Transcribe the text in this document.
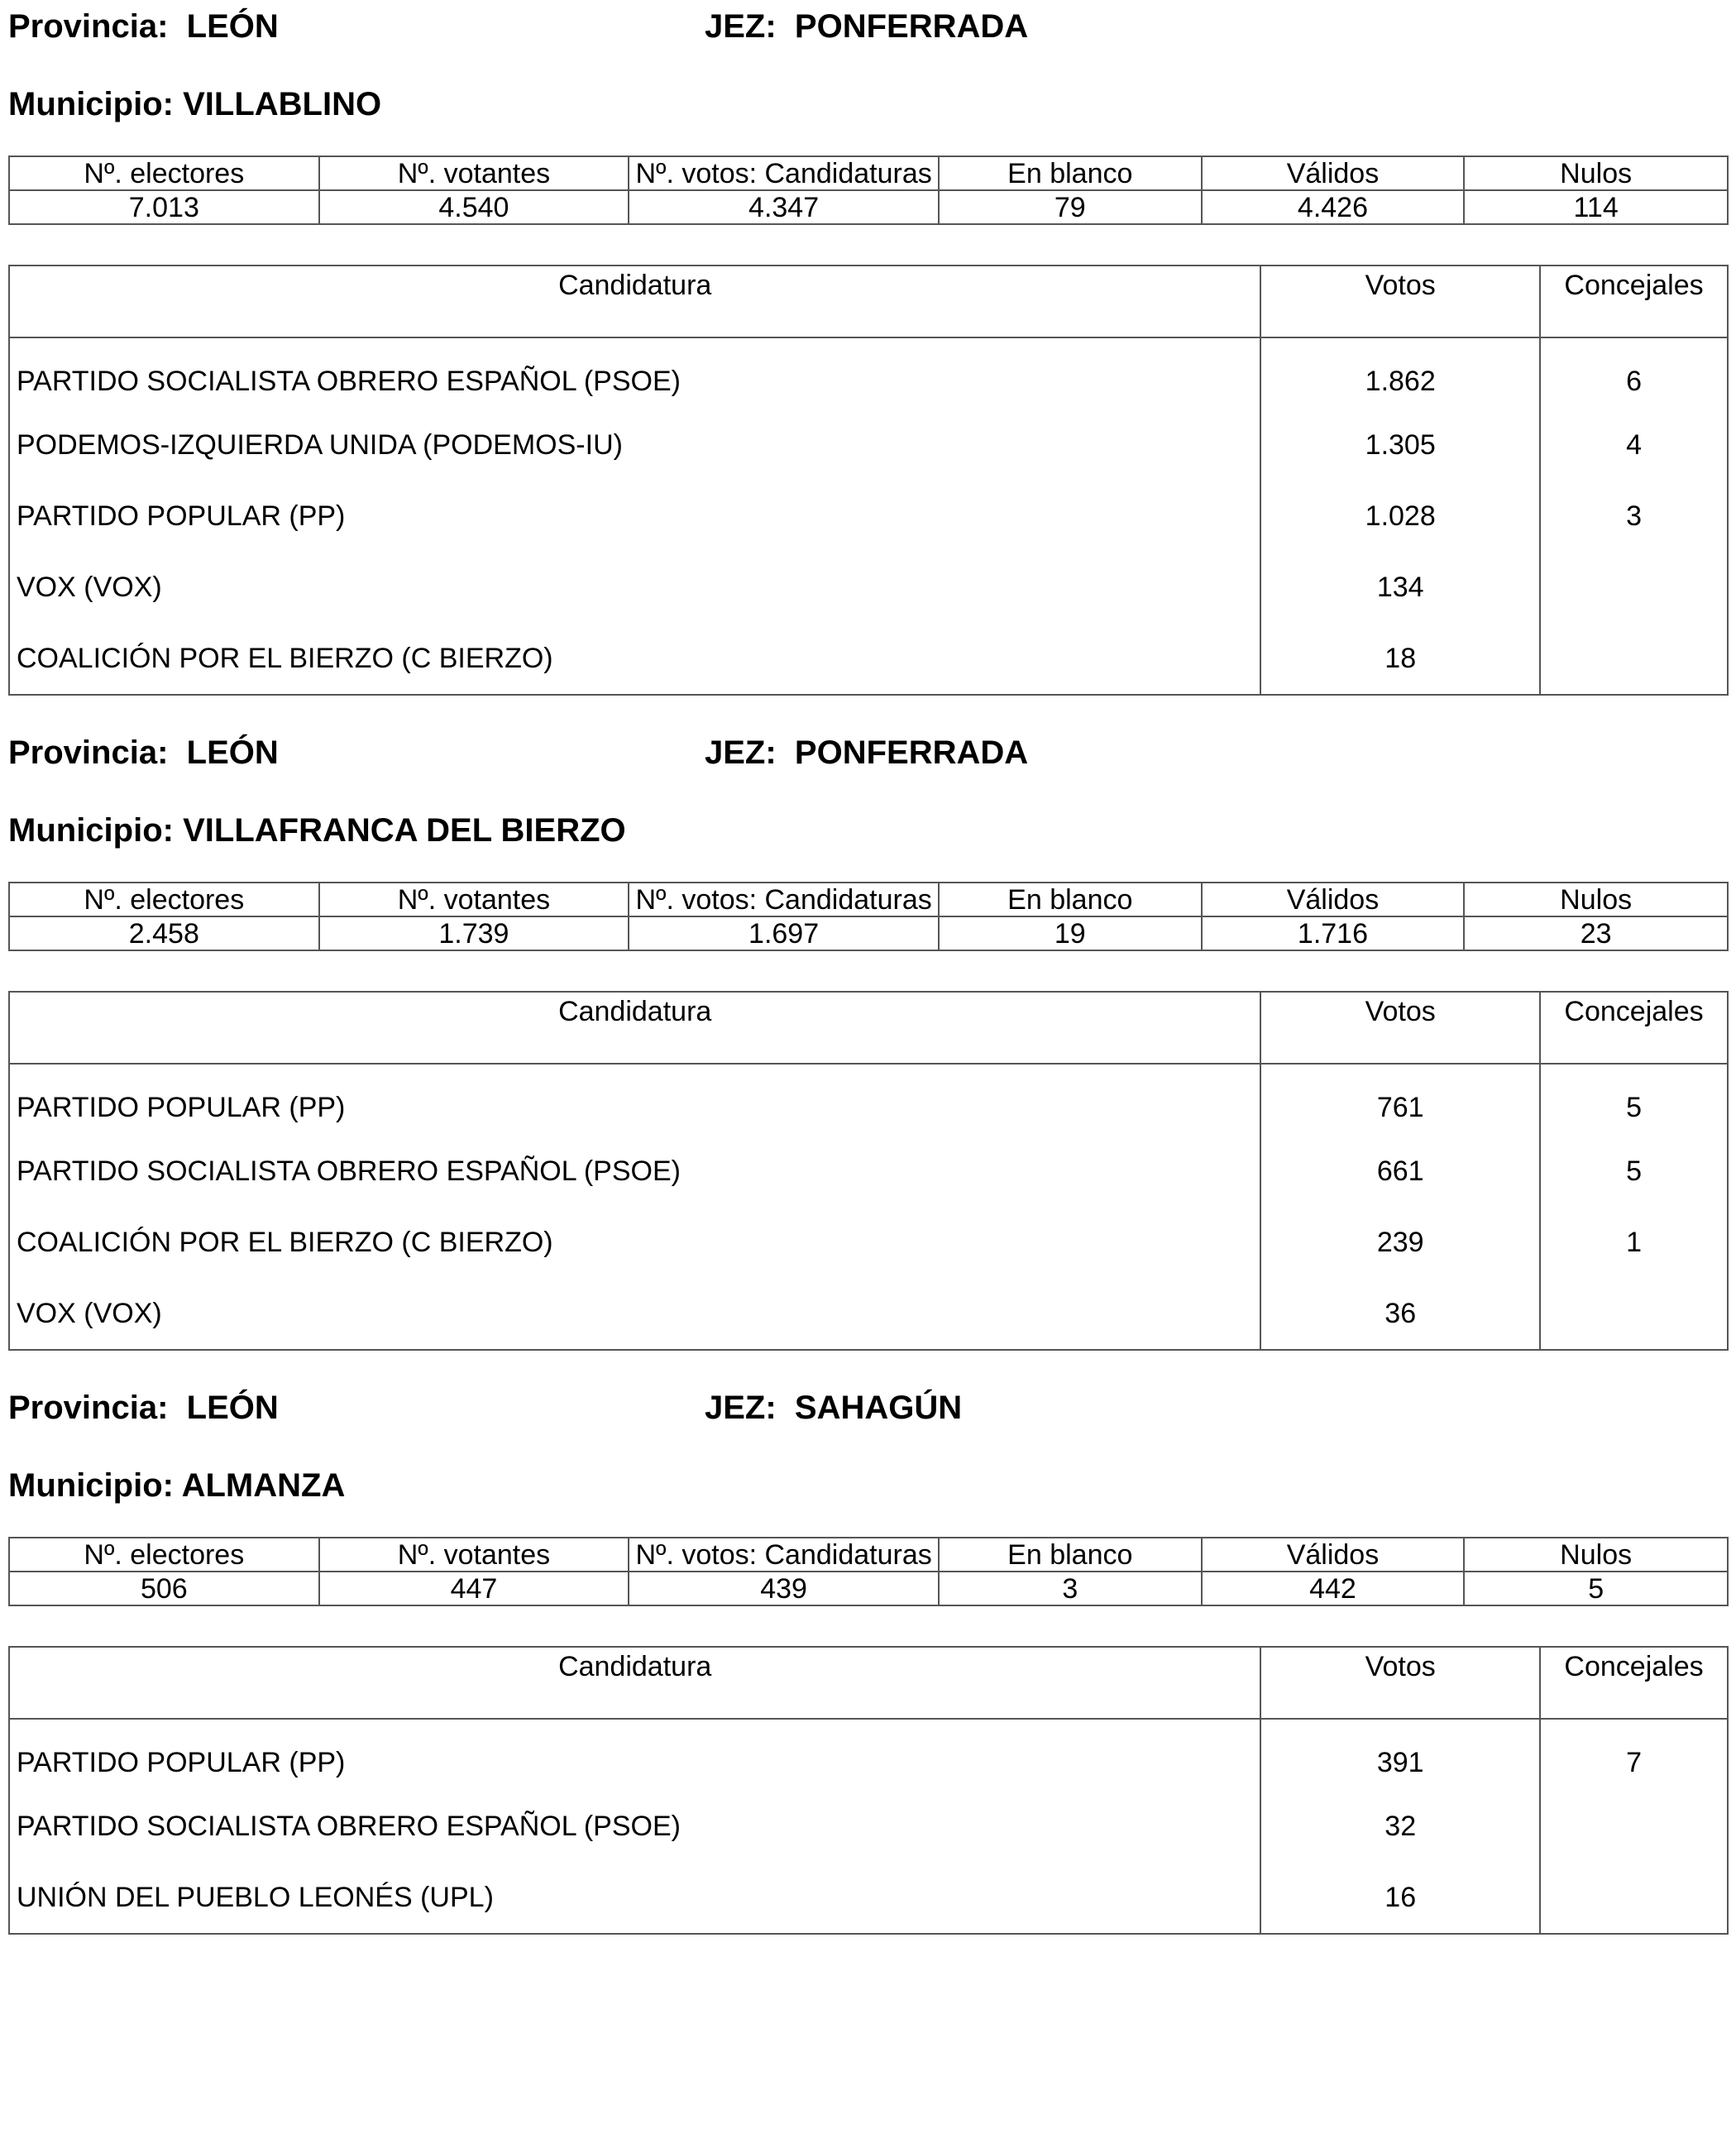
Provincia: LEÓN	JEZ: PONFERRADA
Municipio: VILLABLINO
Nº. electores	Nº. votantes	Nº. votos: Candidaturas	En blanco	Válidos	Nulos
7.013	4.540	4.347	79	4.426	114
Candidatura	Votos	Concejales
PARTIDO SOCIALISTA OBRERO ESPAÑOL (PSOE)	1.862	6
PODEMOS-IZQUIERDA UNIDA (PODEMOS-IU)	1.305	4
PARTIDO POPULAR (PP)	1.028	3
VOX (VOX)	134	
COALICIÓN POR EL BIERZO (C BIERZO)	18	
Provincia: LEÓN	JEZ: PONFERRADA
Municipio: VILLAFRANCA DEL BIERZO
Nº. electores	Nº. votantes	Nº. votos: Candidaturas	En blanco	Válidos	Nulos
2.458	1.739	1.697	19	1.716	23
Candidatura	Votos	Concejales
PARTIDO POPULAR (PP)	761	5
PARTIDO SOCIALISTA OBRERO ESPAÑOL (PSOE)	661	5
COALICIÓN POR EL BIERZO (C BIERZO)	239	1
VOX (VOX)	36	
Provincia: LEÓN	JEZ: SAHAGÚN
Municipio: ALMANZA
Nº. electores	Nº. votantes	Nº. votos: Candidaturas	En blanco	Válidos	Nulos
506	447	439	3	442	5
Candidatura	Votos	Concejales
PARTIDO POPULAR (PP)	391	7
PARTIDO SOCIALISTA OBRERO ESPAÑOL (PSOE)	32	
UNIÓN DEL PUEBLO LEONÉS (UPL)	16	
